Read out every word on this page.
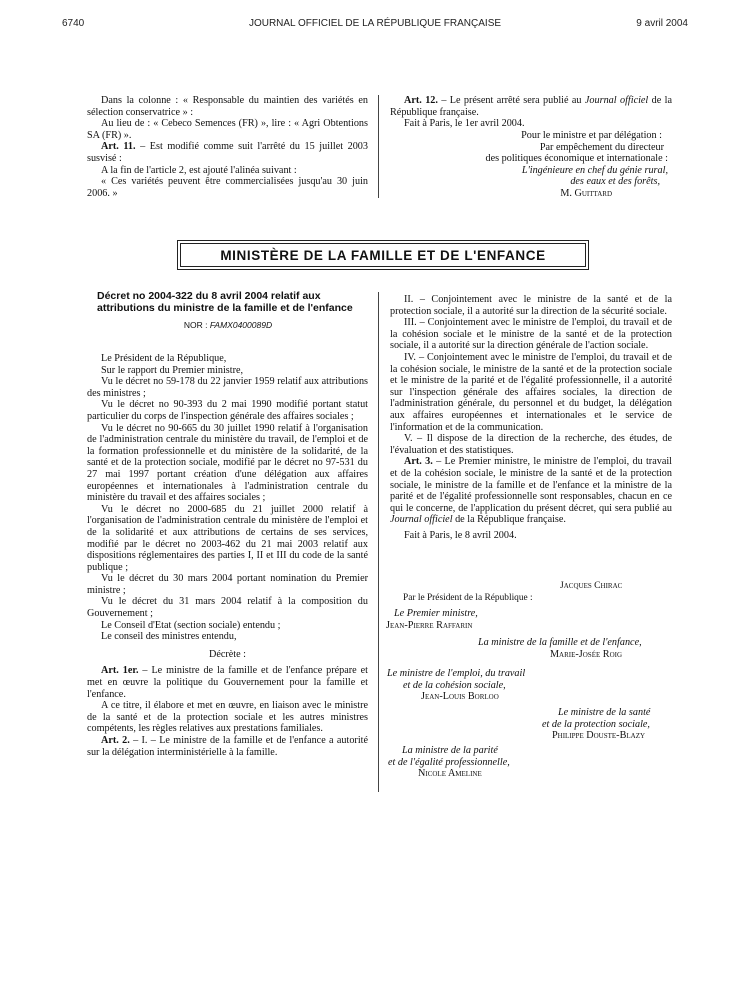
6740	JOURNAL OFFICIEL DE LA RÉPUBLIQUE FRANÇAISE	9 avril 2004

Dans la colonne : « Responsable du maintien des variétés en sélection conservatrice » :

Au lieu de : « Cebeco Semences (FR) », lire : « Agri Obtentions SA (FR) ».

Art. 11. – Est modifié comme suit l'arrêté du 15 juillet 2003 susvisé :

A la fin de l'article 2, est ajouté l'alinéa suivant :

« Ces variétés peuvent être commercialisées jusqu'au 30 juin 2006. »

Art. 12. – Le présent arrêté sera publié au Journal officiel de la République française.

Fait à Paris, le 1er avril 2004.

Pour le ministre et par délégation :
Par empêchement du directeur
des politiques économique et internationale :
L'ingénieure en chef du génie rural,
des eaux et des forêts,
M. Guittard
MINISTÈRE DE LA FAMILLE ET DE L'ENFANCE
Décret no 2004-322 du 8 avril 2004 relatif aux attributions du ministre de la famille et de l'enfance
NOR : FAMX0400089D

Le Président de la République,

Sur le rapport du Premier ministre,

Vu le décret no 59-178 du 22 janvier 1959 relatif aux attributions des ministres ;

Vu le décret no 90-393 du 2 mai 1990 modifié portant statut particulier du corps de l'inspection générale des affaires sociales ;

Vu le décret no 90-665 du 30 juillet 1990 relatif à l'organisation de l'administration centrale du ministère du travail, de l'emploi et de la formation professionnelle et du ministère de la solidarité, de la santé et de la protection sociale, modifié par le décret no 97-531 du 27 mai 1997 portant création d'une délégation aux affaires européennes et internationales à l'administration centrale du ministère du travail et des affaires sociales ;

Vu le décret no 2000-685 du 21 juillet 2000 relatif à l'organisation de l'administration centrale du ministère de l'emploi et de la solidarité et aux attributions de certains de ses services, modifié par le décret no 2003-462 du 21 mai 2003 relatif aux dispositions réglementaires des parties I, II et III du code de la santé publique ;

Vu le décret du 30 mars 2004 portant nomination du Premier ministre ;

Vu le décret du 31 mars 2004 relatif à la composition du Gouvernement ;

Le Conseil d'Etat (section sociale) entendu ;

Le conseil des ministres entendu,

Décrète :

Art. 1er. – Le ministre de la famille et de l'enfance prépare et met en œuvre la politique du Gouvernement pour la famille et l'enfance.

A ce titre, il élabore et met en œuvre, en liaison avec le ministre de la santé et de la protection sociale et les autres ministres compétents, les règles relatives aux prestations familiales.

Art. 2. – I. – Le ministre de la famille et de l'enfance a autorité sur la délégation interministérielle à la famille.

II. – Conjointement avec le ministre de la santé et de la protection sociale, il a autorité sur la direction de la sécurité sociale.

III. – Conjointement avec le ministre de l'emploi, du travail et de la cohésion sociale et le ministre de la santé et de la protection sociale, il a autorité sur la direction générale de l'action sociale.

IV. – Conjointement avec le ministre de l'emploi, du travail et de la cohésion sociale, le ministre de la santé et de la protection sociale et le ministre de la parité et de l'égalité professionnelle, il a autorité sur l'inspection générale des affaires sociales, la direction de l'administration générale, du personnel et du budget, la délégation aux affaires européennes et internationales et le service de l'information et de la communication.

V. – Il dispose de la direction de la recherche, des études, de l'évaluation et des statistiques.

Art. 3. – Le Premier ministre, le ministre de l'emploi, du travail et de la cohésion sociale, le ministre de la santé et de la protection sociale, le ministre de la famille et de l'enfance et la ministre de la parité et de l'égalité professionnelle sont responsables, chacun en ce qui le concerne, de l'application du présent décret, qui sera publié au Journal officiel de la République française.

Fait à Paris, le 8 avril 2004.

Jacques Chirac
Par le Président de la République :
Le Premier ministre,
Jean-Pierre Raffarin
La ministre de la famille et de l'enfance,
Marie-Josée Roig
Le ministre de l'emploi, du travail
et de la cohésion sociale,
Jean-Louis Borloo
Le ministre de la santé
et de la protection sociale,
Philippe Douste-Blazy
La ministre de la parité
et de l'égalité professionnelle,
Nicole Ameline
